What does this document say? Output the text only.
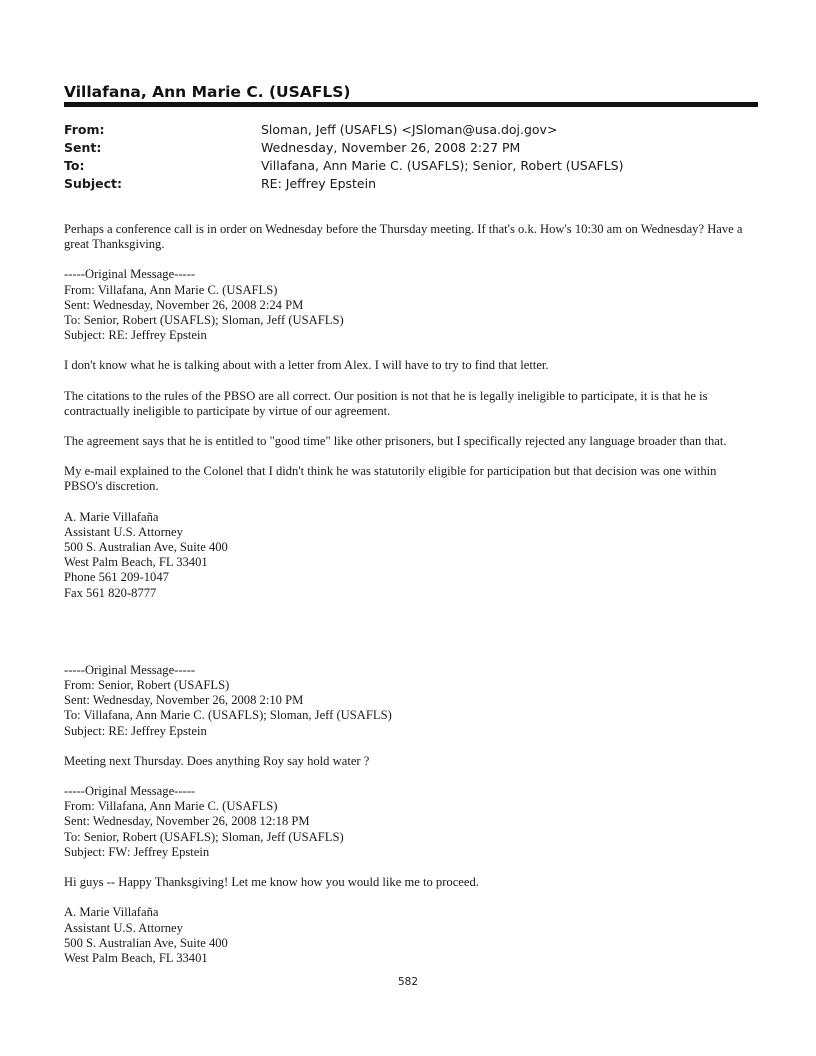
Villafana, Ann Marie C. (USAFLS)
From:	Sloman, Jeff (USAFLS) <JSloman@usa.doj.gov>
Sent:	Wednesday, November 26, 2008 2:27 PM
To:	Villafana, Ann Marie C. (USAFLS); Senior, Robert (USAFLS)
Subject:	RE: Jeffrey Epstein

Perhaps a conference call is in order on Wednesday before the Thursday meeting. If that's o.k. How's 10:30 am on Wednesday? Have a great Thanksgiving.

-----Original Message-----
From: Villafana, Ann Marie C. (USAFLS)
Sent: Wednesday, November 26, 2008 2:24 PM
To: Senior, Robert (USAFLS); Sloman, Jeff (USAFLS)
Subject: RE: Jeffrey Epstein

I don't know what he is talking about with a letter from Alex. I will have to try to find that letter.

The citations to the rules of the PBSO are all correct. Our position is not that he is legally ineligible to participate, it is that he is contractually ineligible to participate by virtue of our agreement.

The agreement says that he is entitled to "good time" like other prisoners, but I specifically rejected any language broader than that.

My e-mail explained to the Colonel that I didn't think he was statutorily eligible for participation but that decision was one within PBSO's discretion.

A. Marie Villafaña
Assistant U.S. Attorney
500 S. Australian Ave, Suite 400
West Palm Beach, FL 33401
Phone 561 209-1047
Fax 561 820-8777

-----Original Message-----
From: Senior, Robert (USAFLS)
Sent: Wednesday, November 26, 2008 2:10 PM
To: Villafana, Ann Marie C. (USAFLS); Sloman, Jeff (USAFLS)
Subject: RE: Jeffrey Epstein

Meeting next Thursday. Does anything Roy say hold water ?

-----Original Message-----
From: Villafana, Ann Marie C. (USAFLS)
Sent: Wednesday, November 26, 2008 12:18 PM
To: Senior, Robert (USAFLS); Sloman, Jeff (USAFLS)
Subject: FW: Jeffrey Epstein

Hi guys -- Happy Thanksgiving! Let me know how you would like me to proceed.

A. Marie Villafaña
Assistant U.S. Attorney
500 S. Australian Ave, Suite 400
West Palm Beach, FL 33401

582
